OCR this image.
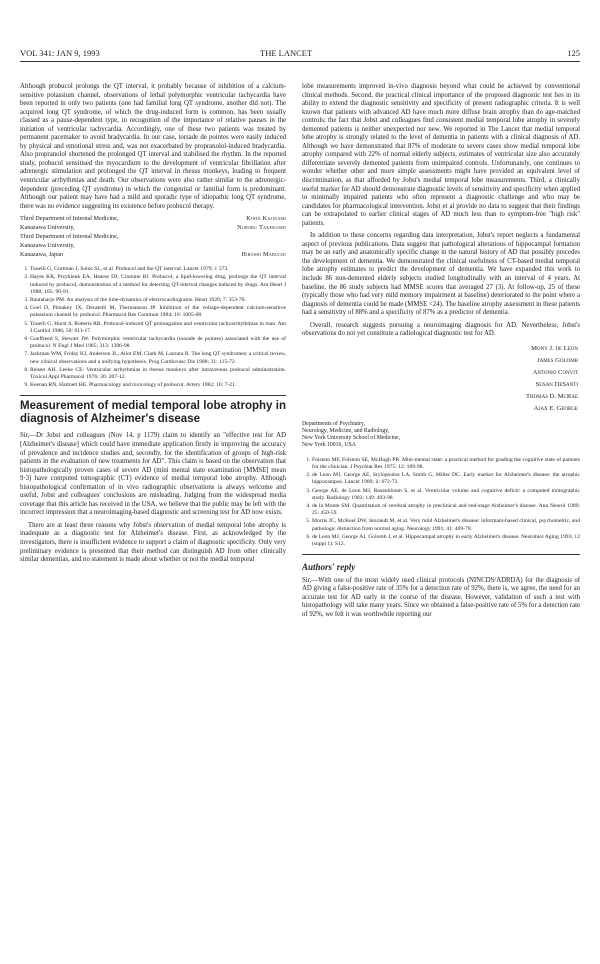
VOL 341: JAN 9, 1993	THE LANCET	125

Although probucol prolongs the QT interval, it probably because of inhibition of a calcium-sensitive potassium channel, observations of lethal polymorphic ventricular tachycardia have been reported in only two patients (one had familial long QT syndrome, another did not). The acquired long QT syndrome, of which the drug-induced form is common, has been usually classed as a pause-dependent type, in recognition of the importance of relative pauses in the initiation of ventricular tachycardia. Accordingly, one of these two patients was treated by permanent pacemaker to avoid bradycardia. In our case, torsade de pointes were easily induced by physical and emotional stress and, was not exacerbated by propranolol-induced bradycardia. Also propranolol shortened the prolonged QT interval and stabilised the rhythm. In the reported study, probucol sensitised the myocardium to the development of ventricular fibrillation after adrenergic stimulation and prolonged the QT interval in rhesus monkeys, leading to frequent ventricular arrhythmias and death. Our observations were also rather similar to the adrenergic-dependent (preceding QT syndrome) in which the congenital or familial form is predominant. Although our patient may have had a mild and sporadic type of idiopathic long QT syndrome, there was no evidence suggesting its existence before probucol therapy.

Third Department of Internal Medicine,	Kohji Kajinami
Kanazawa University,	Noboru Takekoshi
Third Department of Internal Medicine,
Kanazawa University,
Kanazawa, Japan	Hiroshi Mabuchi
1. Tonelli G, Gurtman J, Sotos SL, et al. Probucol and the QT interval. Lancet 1979; i: 573.
2. Hayes KR, Przyklenk EA, Hearse DJ, Cromme BJ. Probucol, a lipid-lowering drug, prolongs the QT interval induced by probucol, demonstration of a method for detecting QT-interval changes induced by drugs. Am Heart J 1988; 105: 90-91.
3. Rautaharju PM. An analysis of the time-dynamics of electrocardiograms. Heart 1920; 7: 353-70.
4. Goel D, Pimakey JX, Decatelli M, Thernianson JP. Inhibition of the voltage-dependent calcium-sensitive potassium channel by probucol. Pharmacol Res Commun 1984; 16: 1005-08.
5. Tonelli G, Hurst S, Roberts RB. Probucol-induced QT prolongation and ventricular tachyarrhythmias in man. Am J Cardiol 1986; 58: 611-17.
6. Gueffreed S, Stewart JW. Polymorphic ventricular tachycardia (torsade de pointes) associated with the use of probucol. N Engl J Med 1985; 313: 1396-98.
7. Jackman WM, Friday KJ, Anderson JL, Aliot EM, Clark M, Lazzara R. The long QT syndromes: a critical review, new clinical observations and a unifying hypothesis. Prog Cardiovasc Dis 1988; 31: 115-72.
8. Reisen AH, Leeke CE. Ventricular arrhythmias in rhesus monkeys after intravenous probucol administration. Toxicol Appl Pharmacol 1976; 36: 207-12.
9. Keenan RN, Hartnett HE. Pharmacology and toxicology of probucol. Artery 1982; 10: 7-21.
Measurement of medial temporal lobe atrophy in diagnosis of Alzheimer's disease

Sir,—Dr Jobst and colleagues (Nov 14, p 1179) claim to identify an "effective test for AD [Alzheimer's disease] which could have immediate application firstly in improving the accuracy of prevalence and incidence studies and, secondly, for the identification of groups of high-risk patients in the evaluation of new treatments for AD". This claim is based on the observation that histopathologically proven cases of severe AD (mini mental state examination [MMSE] mean 9·3) have computed tomographic (CT) evidence of medial temporal lobe atrophy. Although histopathological confirmation of in vivo radiographic observations is always welcome and useful, Jobst and colleagues' conclusions are misleading. Judging from the widespread media coverage that this article has received in the USA, we believe that the public may be left with the incorrect impression that a neuroimaging-based diagnostic and screening test for AD now exists.

There are at least three reasons why Jobst's observation of medial temporal lobe atrophy is inadequate as a diagnostic test for Alzheimer's disease. First, as acknowledged by the investigators, there is insufficient evidence to support a claim of diagnostic specificity. Only very preliminary evidence is presented that their method can distinguish AD from other clinically similar dementias, and no statement is made about whether or not the medial temporal

lobe measurements improved in-vivo diagnosis beyond what could be achieved by conventional clinical methods. Second, the practical clinical importance of the proposed diagnostic test lies in its ability to extend the diagnostic sensitivity and specificity of present radiographic criteria. It is well known that patients with advanced AD have much more diffuse brain atrophy than do age-matched controls; the fact that Jobst and colleagues find consistent medial temporal lobe atrophy in severely demented patients is neither unexpected nor new. We reported in The Lancet that medial temporal lobe atrophy is strongly related to the level of dementia in patients with a clinical diagnosis of AD. Although we have demonstrated that 87% of moderate to severe cases show medial temporal lobe atrophy compared with 22% of normal elderly subjects, estimates of ventricular size also accurately differentiate severely demented patients from unimpaired controls. Unfortunately, one continues to wonder whether other and more simple assessments might have provided an equivalent level of discrimination, as that afforded by Jobst's medial temporal lobe measurements. Third, a clinically useful marker for AD should demonstrate diagnostic levels of sensitivity and specificity when applied to minimally impaired patients who often represent a diagnostic challenge and who may be candidates for pharmacological intervention. Jobst et al provide no data to suggest that their findings can be extrapolated to earlier clinical stages of AD much less than to symptom-free "high risk" patients.

In addition to these concerns regarding data interpretation, Jobst's report neglects a fundamental aspect of previous publications. Data suggest that pathological alterations of hippocampal formation may be an early and anatomically specific change in the natural history of AD that possibly precedes the development of dementia. We demonstrated the clinical usefulness of CT-based medial temporal lobe atrophy estimates to predict the development of dementia. We have expanded this work to include 86 non-demented elderly subjects studied longitudinally with an interval of 4 years. At baseline, the 86 study subjects had MMSE scores that averaged 27 (3). At follow-up, 25 of these (typically those who had very mild memory impairment at baseline) deteriorated to the point where a diagnosis of dementia could be made (MMSE <24). The baseline atrophy assessment in these patients had a sensitivity of 88% and a specificity of 87% as a predictor of dementia.

Overall, research suggests pursuing a neuroimaging diagnosis for AD. Nevertheless, Jobst's observations do not yet constitute a radiological diagnostic test for AD.

Mony J. de Leon
James Golomb
Antonio Convit
Susan DeSanti
Thomas D. McRae
Ajax E. George
Departments of Psychiatry,
Neurology, Medicine, and Radiology,
New York University School of Medicine,
New York 10016, USA
1. Folstein MF, Folstein SE, McHugh PR. Mini-mental state: a practical method for grading the cognitive state of patients for the clinician. J Psychiat Res 1975; 12: 189-98.
2. de Leon MJ, George AE, Stylopoulos LA, Smith G, Miller DC. Early marker for Alzheimer's disease: the atrophic hippocampus. Lancet 1989; ii: 672-73.
3. George AE, de Leon MJ, Rosenbloom S, et al. Ventricular volume and cognitive deficit: a computed tomographic study. Radiology 1983; 149: 493-98.
4. de la Monte SM. Quantitation of cerebral atrophy in preclinical and end-stage Alzheimer's disease. Ann Neurol 1989; 25: 450-59.
5. Morris JC, McKeel DW, Storandt M, et al. Very mild Alzheimer's disease: informant-based clinical, psychometric, and pathologic distinction from normal aging. Neurology 1991; 41: 469-78.
6. de Leon MJ, George AJ, Golomb J, et al. Hippocampal atrophy in early Alzheimer's disease. Neurobiol Aging 1993; 12 (suppl 1): S12.
Authors' reply

Sir,—With one of the most widely used clinical protocols (NINCDS/ADRDA) for the diagnosis of AD giving a false-positive rate of 35% for a detection rate of 92%, there is, we agree, the need for an accurate test for AD early in the course of the disease. However, validation of such a test with histopathology will take many years. Since we obtained a false-positive rate of 5% for a detection rate of 92%, we felt it was worthwhile reporting our
